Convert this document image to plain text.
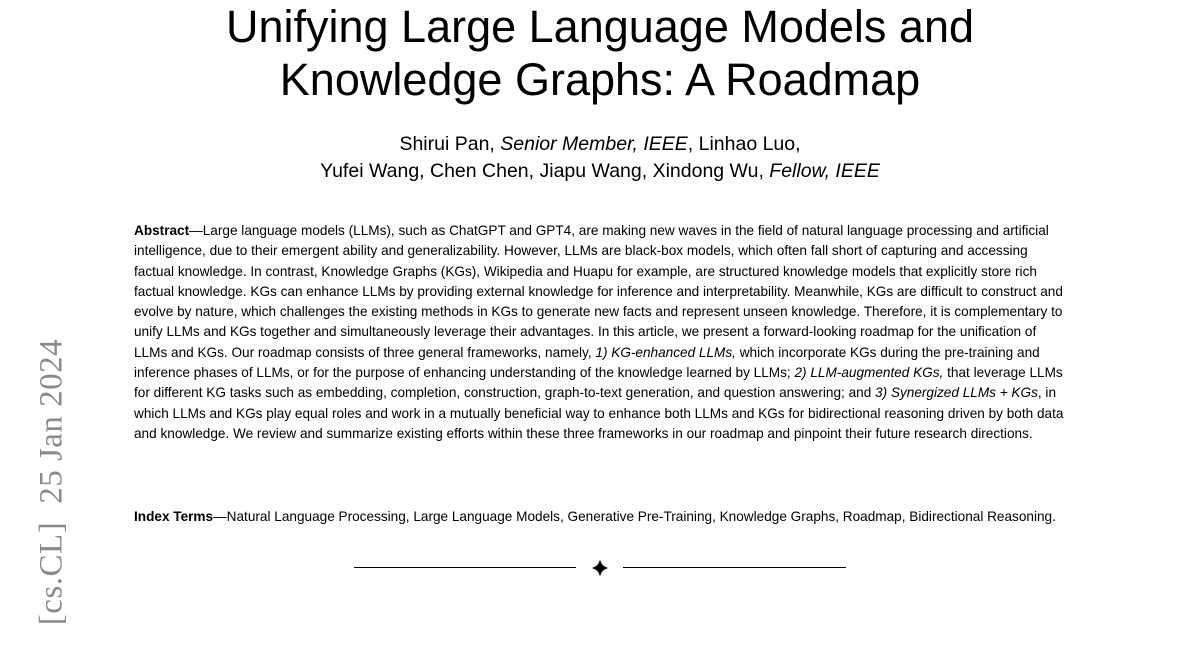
Unifying Large Language Models and
Knowledge Graphs: A Roadmap
Shirui Pan, Senior Member, IEEE, Linhao Luo,
Yufei Wang, Chen Chen, Jiapu Wang, Xindong Wu, Fellow, IEEE

Abstract—Large language models (LLMs), such as ChatGPT and GPT4, are making new waves in the field of natural language processing and artificial intelligence, due to their emergent ability and generalizability. However, LLMs are black-box models, which often fall short of capturing and accessing factual knowledge. In contrast, Knowledge Graphs (KGs), Wikipedia and Huapu for example, are structured knowledge models that explicitly store rich factual knowledge. KGs can enhance LLMs by providing external knowledge for inference and interpretability. Meanwhile, KGs are difficult to construct and evolve by nature, which challenges the existing methods in KGs to generate new facts and represent unseen knowledge. Therefore, it is complementary to unify LLMs and KGs together and simultaneously leverage their advantages. In this article, we present a forward-looking roadmap for the unification of LLMs and KGs. Our roadmap consists of three general frameworks, namely, 1) KG-enhanced LLMs, which incorporate KGs during the pre-training and inference phases of LLMs, or for the purpose of enhancing understanding of the knowledge learned by LLMs; 2) LLM-augmented KGs, that leverage LLMs for different KG tasks such as embedding, completion, construction, graph-to-text generation, and question answering; and 3) Synergized LLMs + KGs, in which LLMs and KGs play equal roles and work in a mutually beneficial way to enhance both LLMs and KGs for bidirectional reasoning driven by both data and knowledge. We review and summarize existing efforts within these three frameworks in our roadmap and pinpoint their future research directions.

Index Terms—Natural Language Processing, Large Language Models, Generative Pre-Training, Knowledge Graphs, Roadmap, Bidirectional Reasoning.

[cs.CL]25 Jan 2024
